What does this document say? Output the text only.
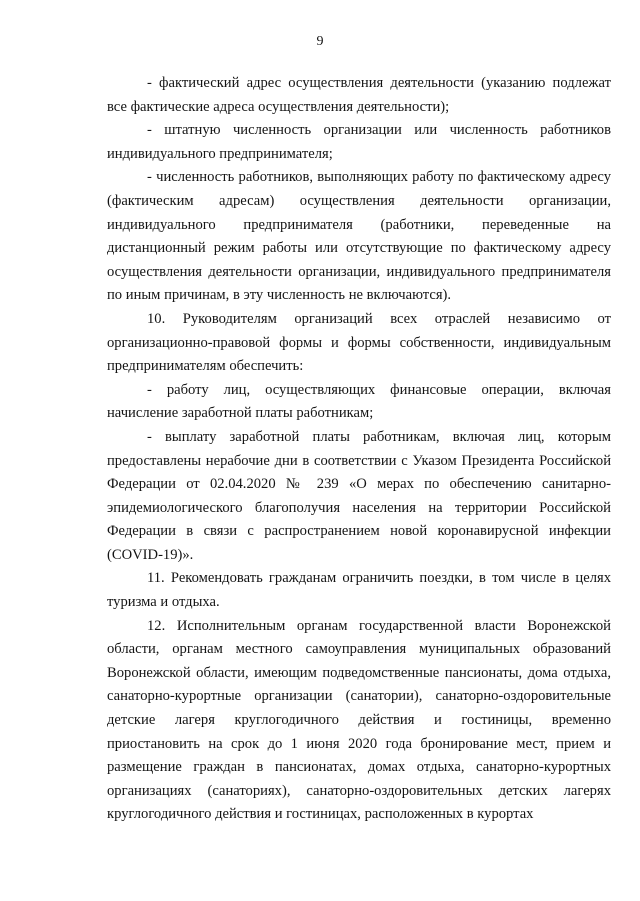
9

- фактический адрес осуществления деятельности (указанию подлежат все фактические адреса осуществления деятельности);

- штатную численность организации или численность работников индивидуального предпринимателя;

- численность работников, выполняющих работу по фактическому адресу (фактическим адресам) осуществления деятельности организации, индивидуального предпринимателя (работники, переведенные на дистанционный режим работы или отсутствующие по фактическому адресу осуществления деятельности организации, индивидуального предпринимателя по иным причинам, в эту численность не включаются).

10. Руководителям организаций всех отраслей независимо от организационно-правовой формы и формы собственности, индивидуальным предпринимателям обеспечить:

- работу лиц, осуществляющих финансовые операции, включая начисление заработной платы работникам;

- выплату заработной платы работникам, включая лиц, которым предоставлены нерабочие дни в соответствии с Указом Президента Российской Федерации от 02.04.2020 № 239 «О мерах по обеспечению санитарно-эпидемиологического благополучия населения на территории Российской Федерации в связи с распространением новой коронавирусной инфекции (COVID-19)».

11. Рекомендовать гражданам ограничить поездки, в том числе в целях туризма и отдыха.

12. Исполнительным органам государственной власти Воронежской области, органам местного самоуправления муниципальных образований Воронежской области, имеющим подведомственные пансионаты, дома отдыха, санаторно-курортные организации (санатории), санаторно-оздоровительные детские лагеря круглогодичного действия и гостиницы, временно приостановить на срок до 1 июня 2020 года бронирование мест, прием и размещение граждан в пансионатах, домах отдыха, санаторно-курортных организациях (санаториях), санаторно-оздоровительных детских лагерях круглогодичного действия и гостиницах, расположенных в курортах
